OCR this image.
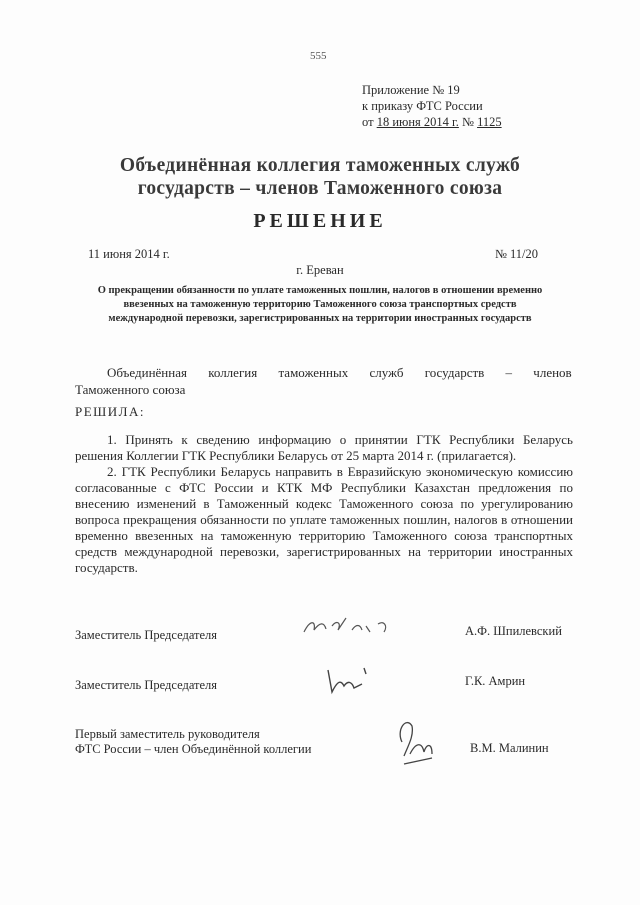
555
Приложение № 19
к приказу ФТС России
от 18 июня 2014 г. № 1125
Объединённая коллегия таможенных служб
государств – членов Таможенного союза
РЕШЕНИЕ
11 июня 2014 г.	№ 11/20
г. Ереван
О прекращении обязанности по уплате таможенных пошлин, налогов в отношении временно ввезенных на таможенную территорию Таможенного союза транспортных средств международной перевозки, зарегистрированных на территории иностранных государств
Объединённая коллегия таможенных служб государств – членов
Таможенного союза
РЕШИЛА:

1. Принять к сведению информацию о принятии ГТК Республики Беларусь решения Коллегии ГТК Республики Беларусь от 25 марта 2014 г. (прилагается).

2. ГТК Республики Беларусь направить в Евразийскую экономическую комиссию согласованные с ФТС России и КТК МФ Республики Казахстан предложения по внесению изменений в Таможенный кодекс Таможенного союза по урегулированию вопроса прекращения обязанности по уплате таможенных пошлин, налогов в отношении временно ввезенных на таможенную территорию Таможенного союза транспортных средств международной перевозки, зарегистрированных на территории иностранных государств.

Заместитель Председателя	А.Ф. Шпилевский
Заместитель Председателя	Г.К. Амрин
Первый заместитель руководителя
ФТС России – член Объединённой коллегии	В.М. Малинин
